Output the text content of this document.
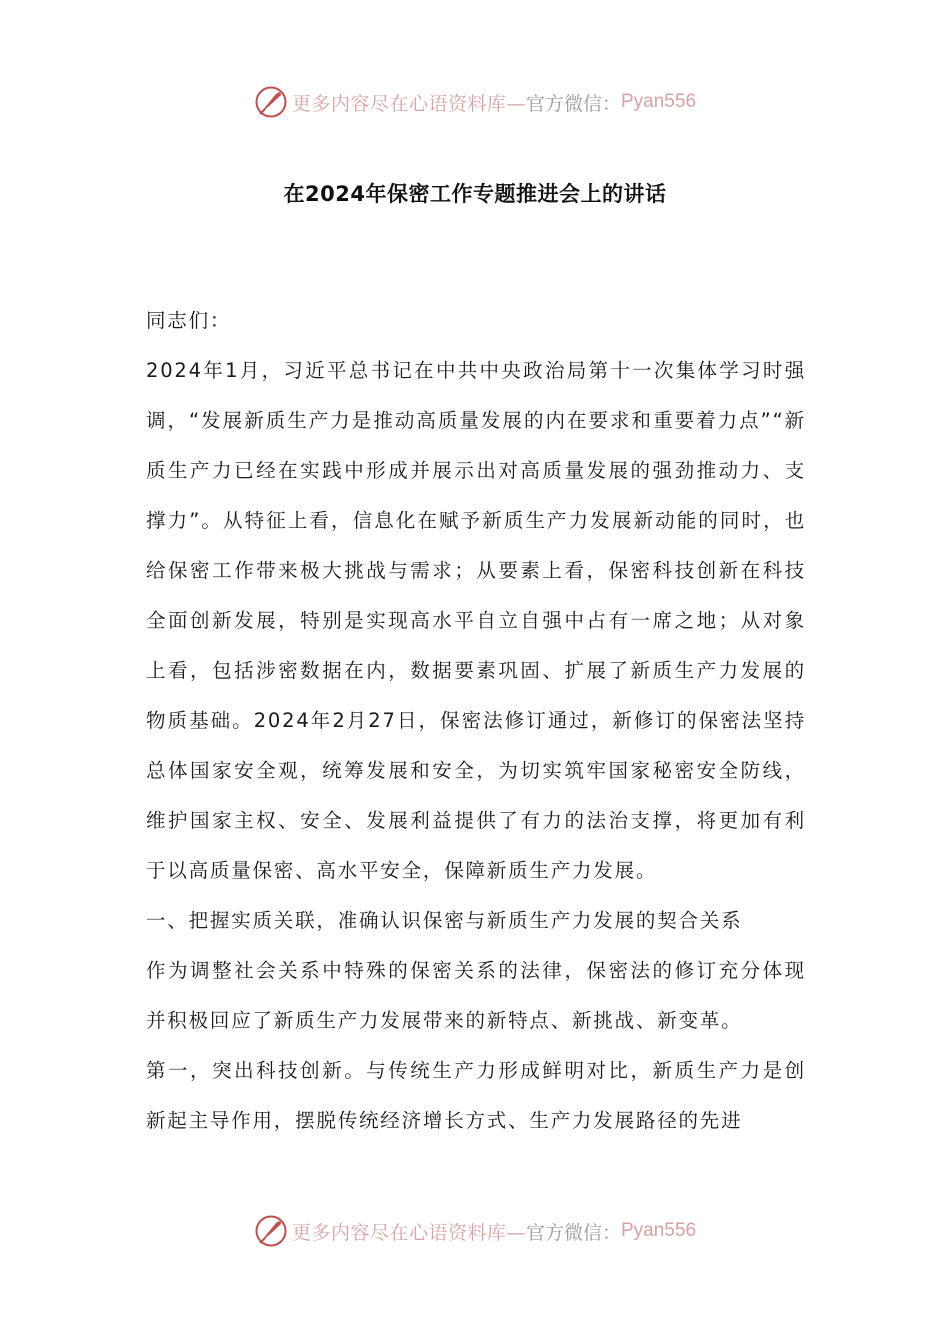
更多内容尽在心语资料库— 官方微信： Pyan556
在2024年保密工作专题推进会上的讲话

同志们：

2024年1月，习近平总书记在中共中央政治局第十一次集体学习时强调，“发展新质生产力是推动高质量发展的内在要求和重要着力点”“新质生产力已经在实践中形成并展示出对高质量发展的强劲推动力、支撑力”。从特征上看，信息化在赋予新质生产力发展新动能的同时，也给保密工作带来极大挑战与需求；从要素上看，保密科技创新在科技全面创新发展，特别是实现高水平自立自强中占有一席之地；从对象上看，包括涉密数据在内，数据要素巩固、扩展了新质生产力发展的物质基础。2024年2月27日，保密法修订通过，新修订的保密法坚持总体国家安全观，统筹发展和安全，为切实筑牢国家秘密安全防线，维护国家主权、安全、发展利益提供了有力的法治支撑，将更加有利于以高质量保密、高水平安全，保障新质生产力发展。

一、把握实质关联，准确认识保密与新质生产力发展的契合关系

作为调整社会关系中特殊的保密关系的法律，保密法的修订充分体现并积极回应了新质生产力发展带来的新特点、新挑战、新变革。

第一，突出科技创新。与传统生产力形成鲜明对比，新质生产力是创新起主导作用，摆脱传统经济增长方式、生产力发展路径的先进

更多内容尽在心语资料库— 官方微信： Pyan556
